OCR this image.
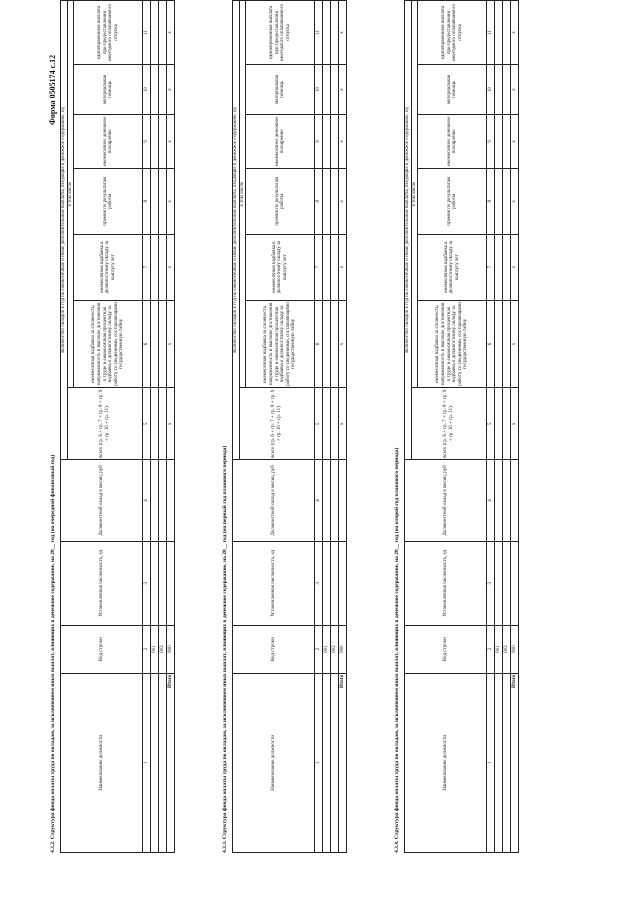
Форма 0505174 с.12
4.3.2. Структура фонда оплаты труда по окладам, за исключением иных выплат, влияющих в денежное содержание, на 20__ год (на очередной финансовый год)	Наименование должности	Код строки	Установленная численность, ед	Должностной оклад в месяц, руб	Количество окладов в год на ежемесячные и иные дополнительные выплаты, входящие в денежное содержание, ед						
				всего (гр. 6 + гр. 7 + гр. 8 + гр. 9 + гр. 10 + гр. 11)	в том числе					
					ежемесячная надбавка за сложность, напряженность и высокие достижения в труде и ежемесячная процентная надбавка к должностному окладу за работу со сведениями, составляющими государственную тайну	ежемесячная надбавка к должностному окладу за выслугу лет	премия по результатам работы	ежемесячное денежное поощрение	материальная помощь	единовременная выплата при предоставлении ежегодного оплачиваемого отпуска
1	2	3	4	5	6	7	8	9	10	11
	001									
	002									
Итого	900			х	х	х	х	х	х	х
4.3.3. Структура фонда оплаты труда по окладам, за исключением иных выплат, влияющих в денежное содержание, на 20__ год (на первый год планового периода)	Наименование должности	Код строки	Установленная численность, ед	Должностной оклад в месяц, руб	Количество окладов в год на ежемесячные и иные дополнительные выплаты, входящие в денежное содержание, ед						
				всего (гр. 6 + гр. 7 + гр. 8 + гр. 9 + гр. 10 + гр. 11)	в том числе					
					ежемесячная надбавка за сложность, напряженность и высокие достижения в труде и ежемесячная процентная надбавка к должностному окладу за работу со сведениями, составляющими государственную тайну	ежемесячная надбавка к должностному окладу за выслугу лет	премия по результатам работы	ежемесячное денежное поощрение	материальная помощь	единовременная выплата при предоставлении ежегодного оплачиваемого отпуска
1	2	3	4	5	6	7	8	9	10	11
	001									
	002									
Итого	900			х	х	х	х	х	х	х
4.3.4. Структура фонда оплаты труда по окладам, за исключением иных выплат, влияющих в денежное содержание, на 20__ год (на второй год планового периода)	Наименование должности	Код строки	Установленная численность, ед	Должностной оклад в месяц, руб	Количество окладов в год на ежемесячные и иные дополнительные выплаты, входящие в денежное содержание, ед						
				всего (гр. 6 + гр. 7 + гр. 8 + гр. 9 + гр. 10 + гр. 11)	в том числе					
					ежемесячная надбавка за сложность, напряженность и высокие достижения в труде и ежемесячная процентная надбавка к должностному окладу за работу со сведениями, составляющими государственную тайну	ежемесячная надбавка к должностному окладу за выслугу лет	премия по результатам работы	ежемесячное денежное поощрение	материальная помощь	единовременная выплата при предоставлении ежегодного оплачиваемого отпуска
1	2	3	4	5	6	7	8	9	10	11
	001									
	002									
Итого	900			х	х	х	х	х	х	х
